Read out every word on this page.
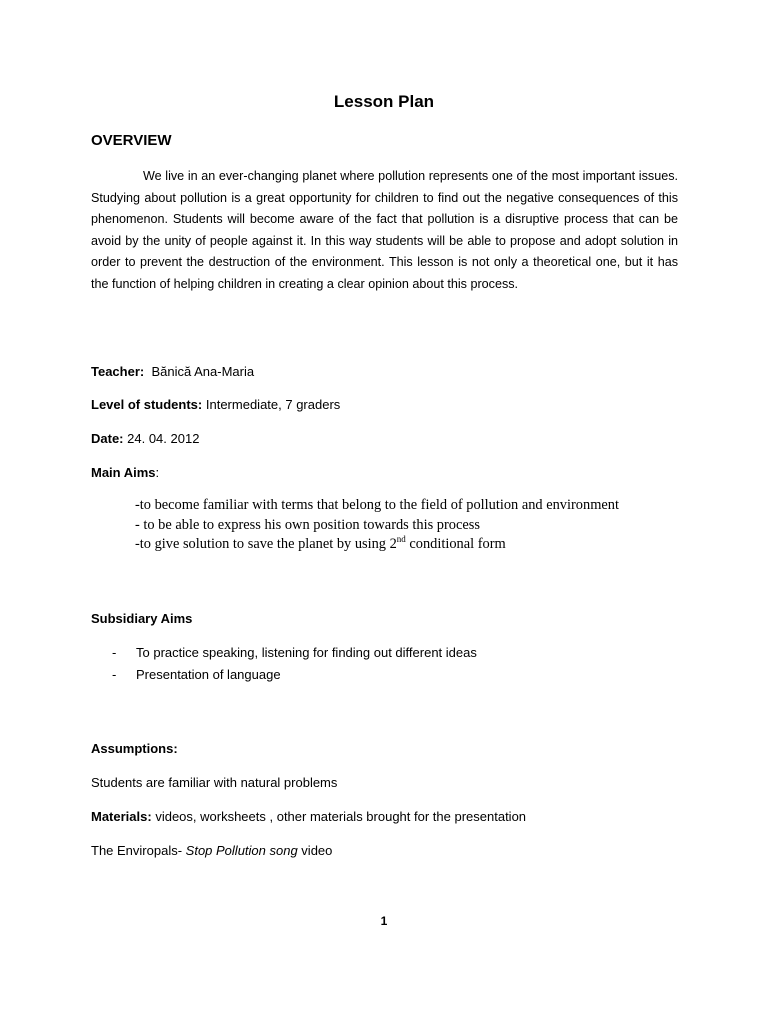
Lesson Plan
OVERVIEW

We live in an ever-changing planet where pollution represents one of the most important issues. Studying about pollution is a great opportunity for children to find out the negative consequences of this phenomenon. Students will become aware of the fact that pollution is a disruptive process that can be avoid by the unity of people against it. In this way students will be able to propose and adopt solution in order to prevent the destruction of the environment. This lesson is not only a theoretical one, but it has the function of helping children in creating a clear opinion about this process.

Teacher: Bănică Ana-Maria
Level of students: Intermediate, 7 graders
Date: 24. 04. 2012
Main Aims:
-to become familiar with terms that belong to the field of pollution and environment
- to be able to express his own position towards this process
-to give solution to save the planet by using 2nd conditional form
Subsidiary Aims
- To practice speaking, listening for finding out different ideas
- Presentation of language
Assumptions:
Students are familiar with natural problems
Materials: videos, worksheets , other materials brought for the presentation
The Enviropals- Stop Pollution song video
1
